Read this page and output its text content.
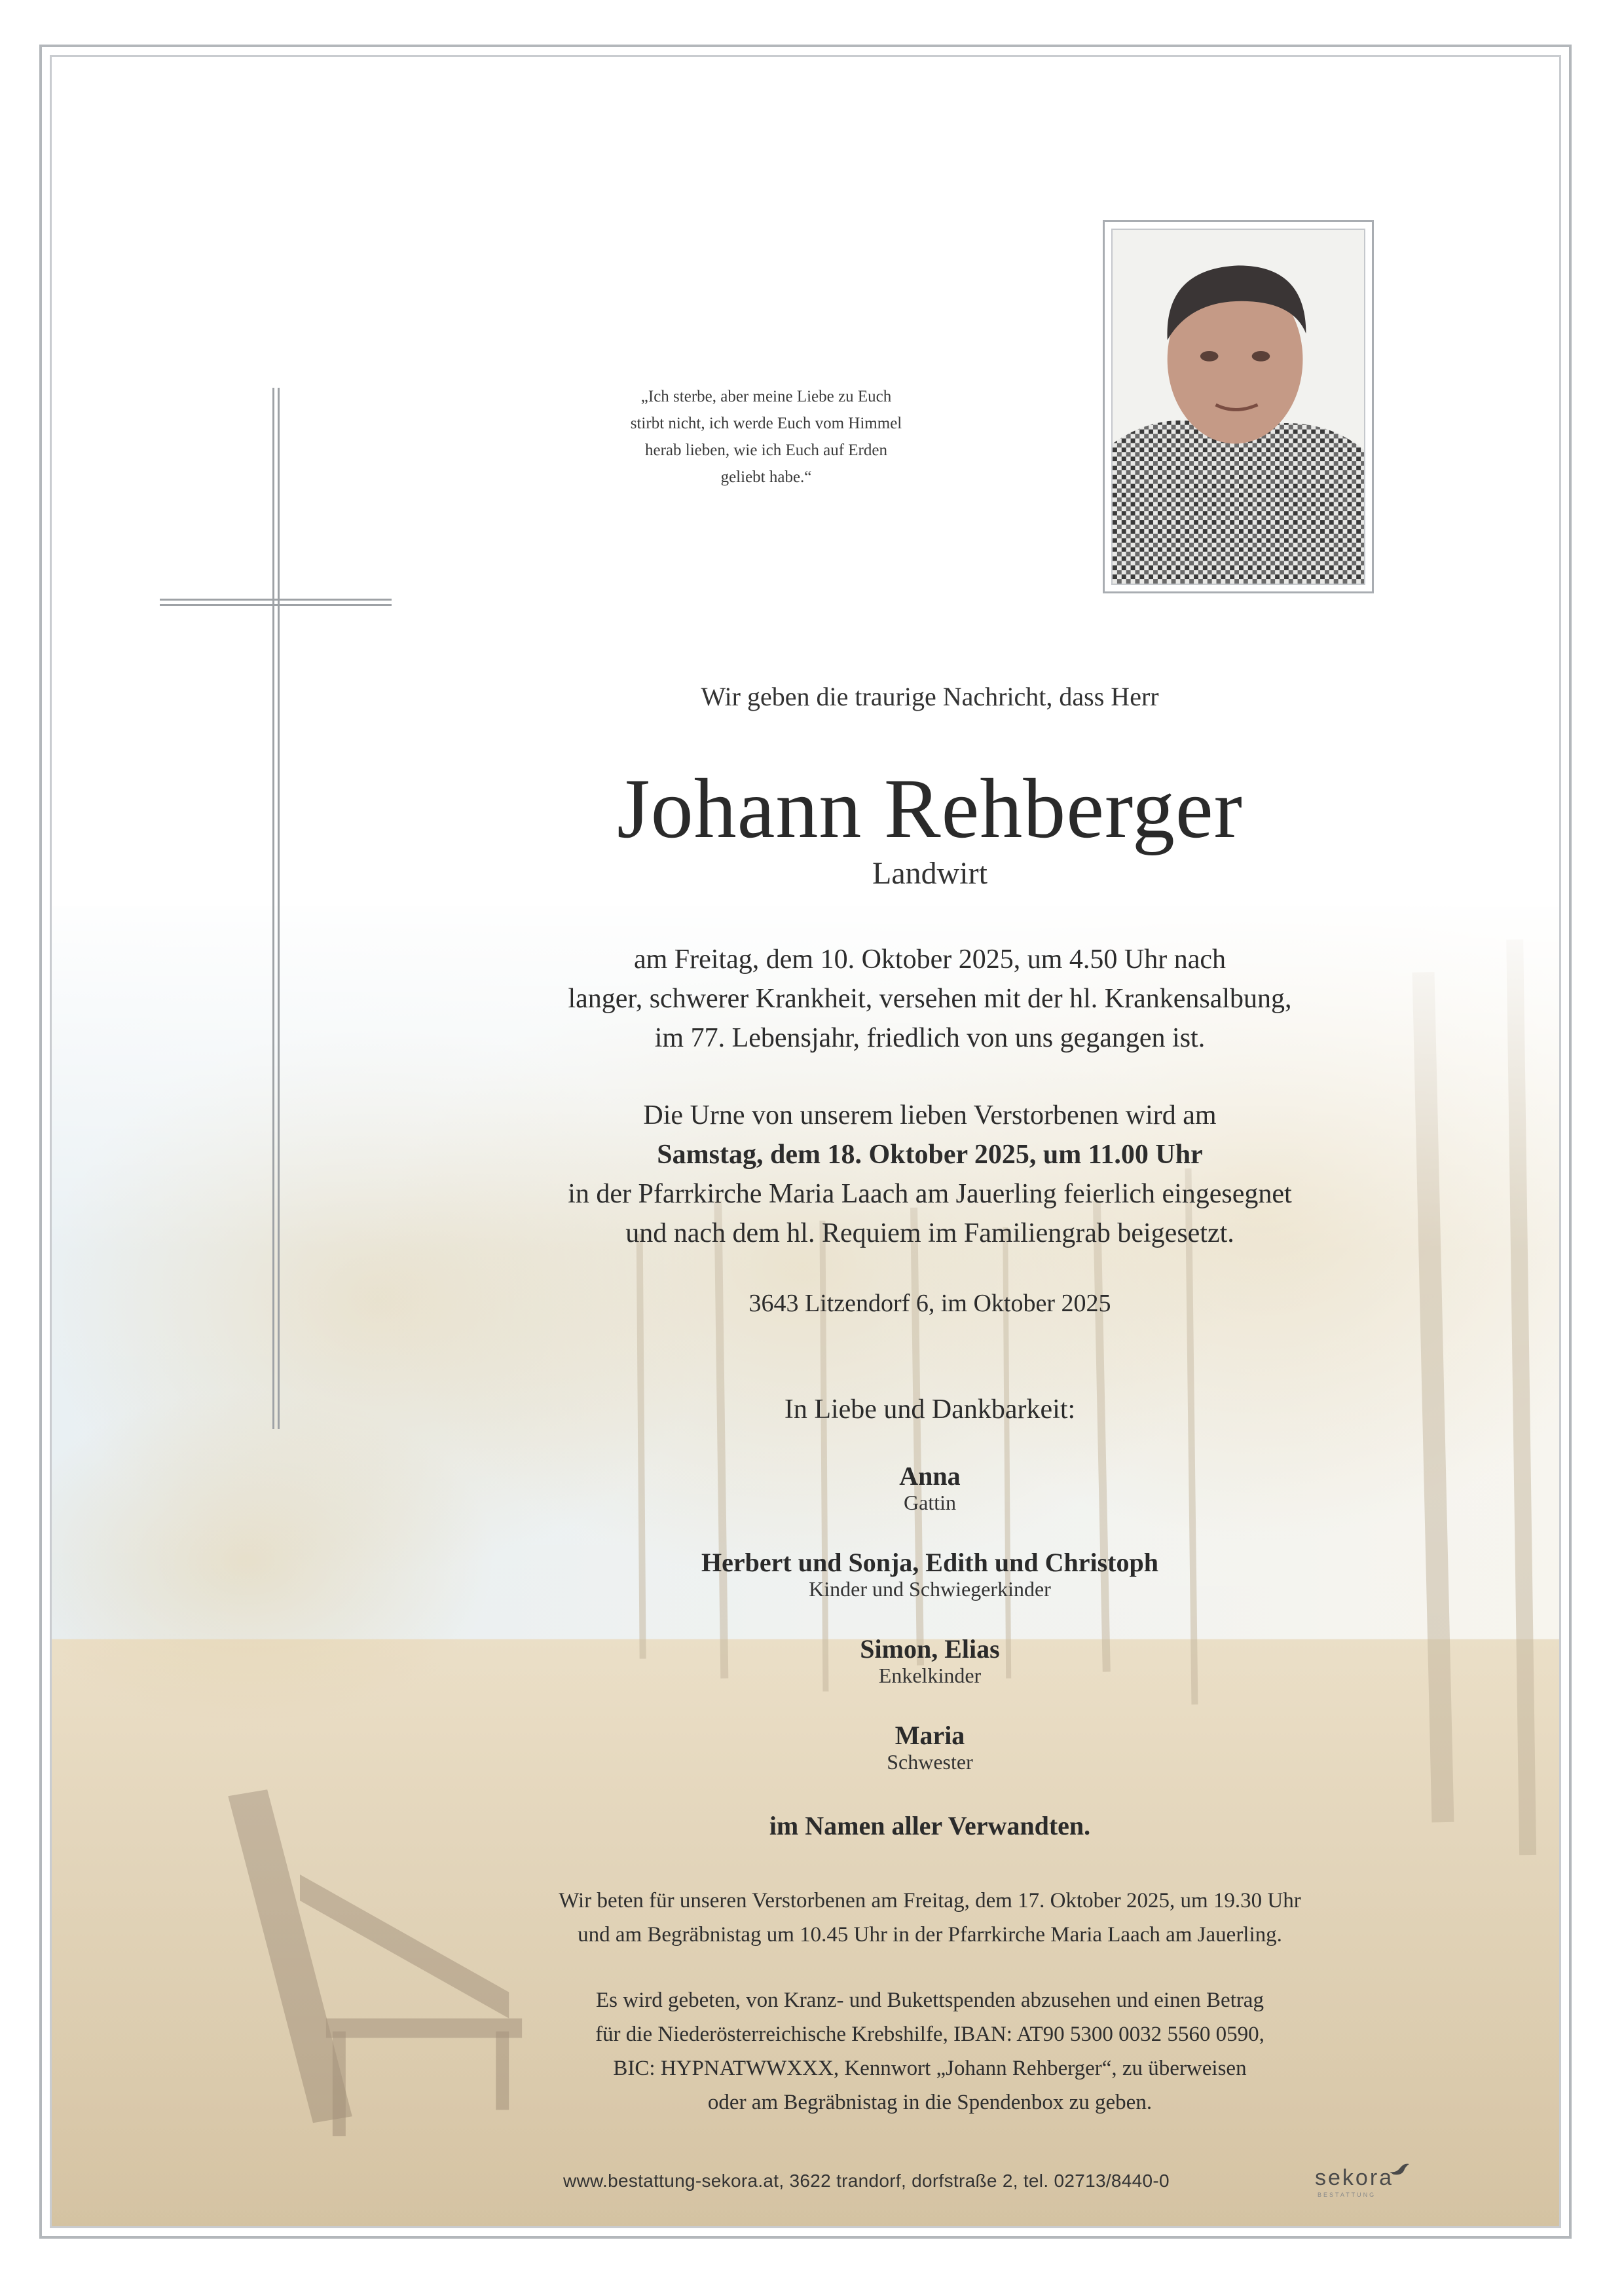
„Ich sterbe, aber meine Liebe zu Euch
stirbt nicht, ich werde Euch vom Himmel
herab lieben, wie ich Euch auf Erden
geliebt habe.“
Wir geben die traurige Nachricht, dass Herr
Johann Rehberger
Landwirt
am Freitag, dem 10. Oktober 2025, um 4.50 Uhr nach
langer, schwerer Krankheit, versehen mit der hl. Krankensalbung,
im 77. Lebensjahr, friedlich von uns gegangen ist.
Die Urne von unserem lieben Verstorbenen wird am
Samstag, dem 18. Oktober 2025, um 11.00 Uhr
in der Pfarrkirche Maria Laach am Jauerling feierlich eingesegnet
und nach dem hl. Requiem im Familiengrab beigesetzt.
3643 Litzendorf 6, im Oktober 2025
In Liebe und Dankbarkeit:
Anna
Gattin
Herbert und Sonja, Edith und Christoph
Kinder und Schwiegerkinder
Simon, Elias
Enkelkinder
Maria
Schwester
im Namen aller Verwandten.
Wir beten für unseren Verstorbenen am Freitag, dem 17. Oktober 2025, um 19.30 Uhr
und am Begräbnistag um 10.45 Uhr in der Pfarrkirche Maria Laach am Jauerling.
Es wird gebeten, von Kranz- und Bukettspenden abzusehen und einen Betrag
für die Niederösterreichische Krebshilfe, IBAN: AT90 5300 0032 5560 0590,
BIC: HYPNATWWXXX, Kennwort „Johann Rehberger“, zu überweisen
oder am Begräbnistag in die Spendenbox zu geben.
www.bestattung-sekora.at, 3622 trandorf, dorfstraße 2, tel. 02713/8440-0	sekora
BESTATTUNG
